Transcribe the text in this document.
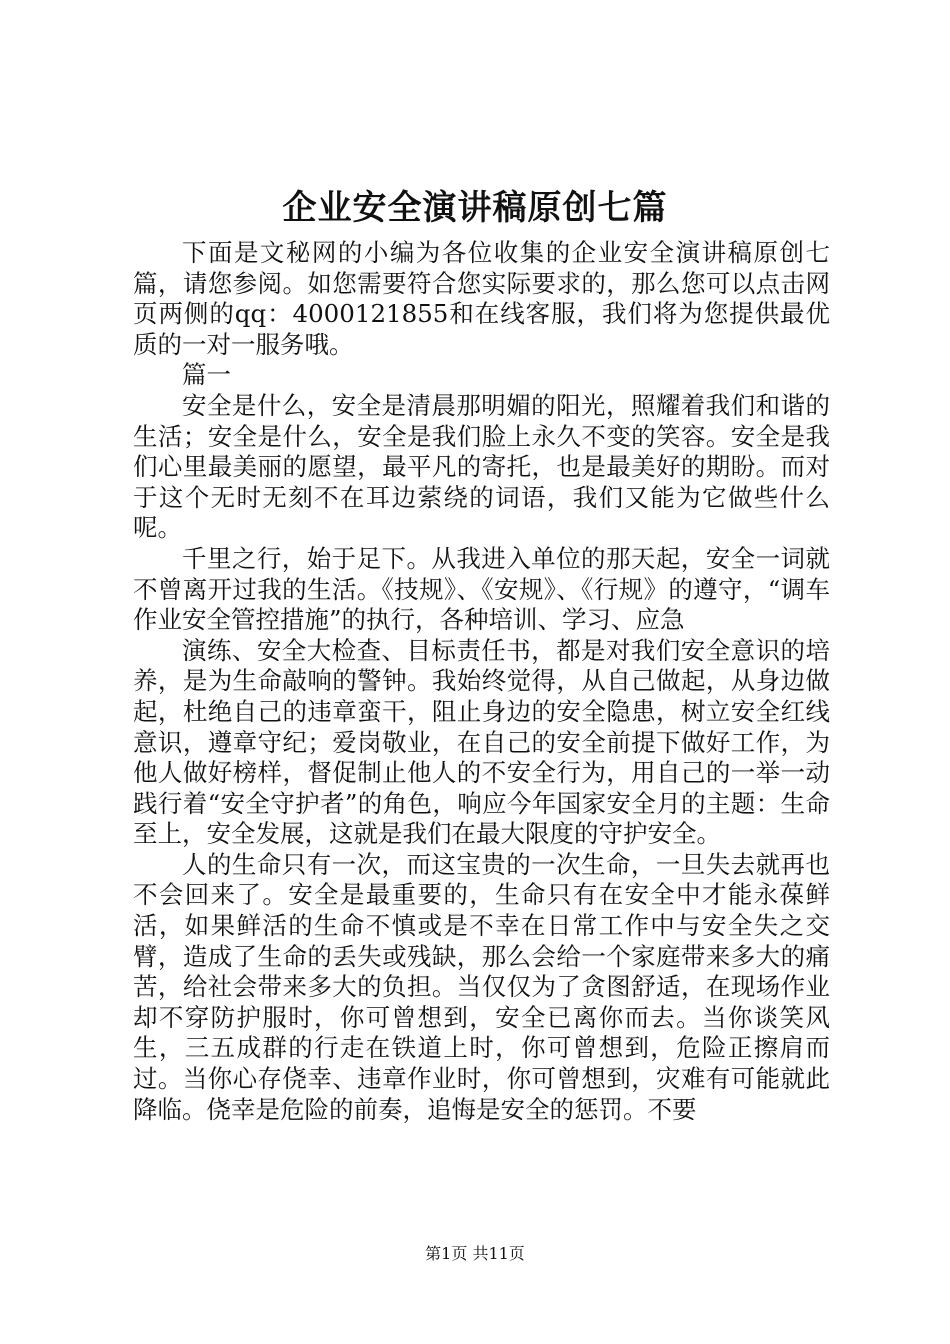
企业安全演讲稿原创七篇

下面是文秘网的小编为各位收集的企业安全演讲稿原创七篇，请您参阅。如您需要符合您实际要求的，那么您可以点击网页两侧的qq：4000121855和在线客服，我们将为您提供最优质的一对一服务哦。

篇一

安全是什么，安全是清晨那明媚的阳光，照耀着我们和谐的生活；安全是什么，安全是我们脸上永久不变的笑容。安全是我们心里最美丽的愿望，最平凡的寄托，也是最美好的期盼。而对于这个无时无刻不在耳边萦绕的词语，我们又能为它做些什么呢。

千里之行，始于足下。从我进入单位的那天起，安全一词就不曾离开过我的生活。《技规》、《安规》、《行规》的遵守，“调车作业安全管控措施”的执行，各种培训、学习、应急

演练、安全大检查、目标责任书，都是对我们安全意识的培养，是为生命敲响的警钟。我始终觉得，从自己做起，从身边做起，杜绝自己的违章蛮干，阻止身边的安全隐患，树立安全红线意识，遵章守纪；爱岗敬业，在自己的安全前提下做好工作，为他人做好榜样，督促制止他人的不安全行为，用自己的一举一动践行着“安全守护者”的角色，响应今年国家安全月的主题：生命至上，安全发展，这就是我们在最大限度的守护安全。

人的生命只有一次，而这宝贵的一次生命，一旦失去就再也不会回来了。安全是最重要的，生命只有在安全中才能永葆鲜活，如果鲜活的生命不慎或是不幸在日常工作中与安全失之交臂，造成了生命的丢失或残缺，那么会给一个家庭带来多大的痛苦，给社会带来多大的负担。当仅仅为了贪图舒适，在现场作业却不穿防护服时，你可曾想到，安全已离你而去。当你谈笑风生，三五成群的行走在铁道上时，你可曾想到，危险正擦肩而过。当你心存侥幸、违章作业时，你可曾想到，灾难有可能就此降临。侥幸是危险的前奏，追悔是安全的惩罚。不要

第1页 共11页
